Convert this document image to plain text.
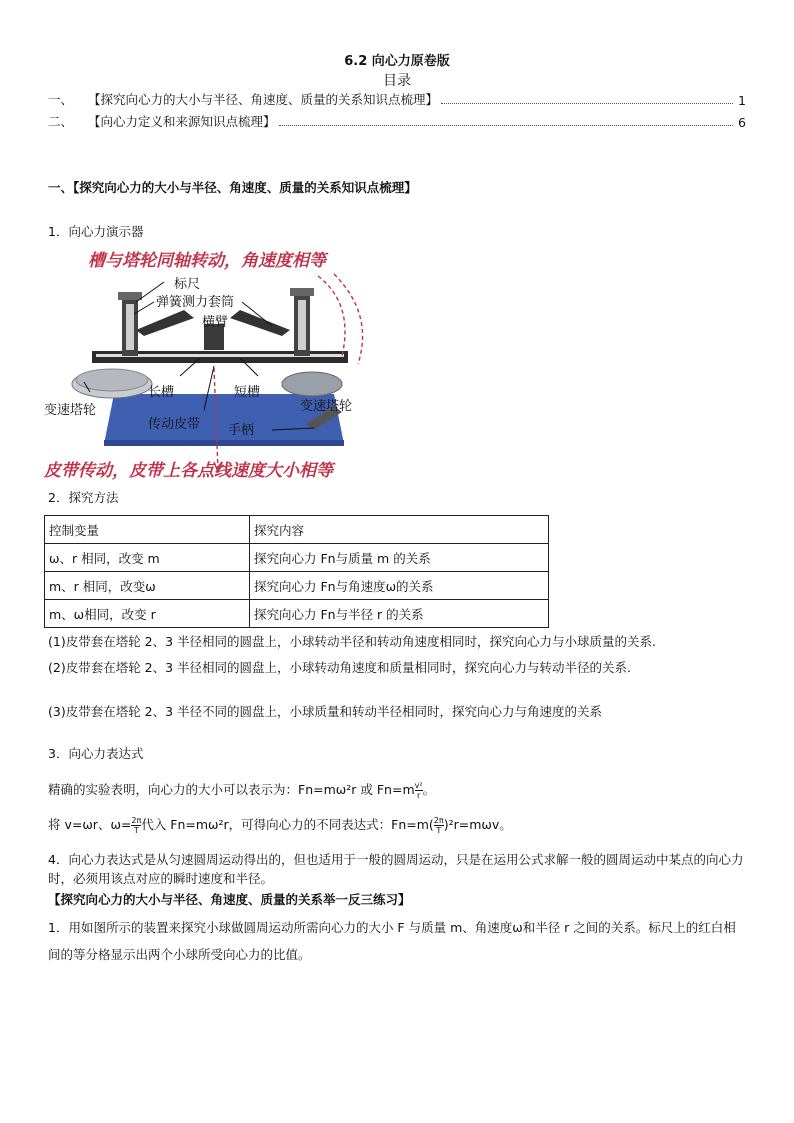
6.2 向心力原卷版
目录
一、	【探究向心力的大小与半径、角速度、质量的关系知识点梳理】	1
二、	【向心力定义和来源知识点梳理】	6
一、【探究向心力的大小与半径、角速度、质量的关系知识点梳理】
1．向心力演示器
标尺
弹簧测力套筒
横臂
长槽	短槽
变速塔轮	变速塔轮
传动皮带 手柄
槽与塔轮同轴转动，角速度相等
皮带传动，皮带上各点线速度大小相等
2．探究方法
控制变量	探究内容
ω、r 相同，改变 m	探究向心力 Fn与质量 m 的关系
m、r 相同，改变ω	探究向心力 Fn与角速度ω的关系
m、ω相同，改变 r	探究向心力 Fn与半径 r 的关系
(1)皮带套在塔轮 2、3 半径相同的圆盘上，小球转动半径和转动角速度相同时，探究向心力与小球质量的关系.
(2)皮带套在塔轮 2、3 半径相同的圆盘上，小球转动角速度和质量相同时，探究向心力与转动半径的关系.
(3)皮带套在塔轮 2、3 半径不同的圆盘上，小球质量和转动半径相同时，探究向心力与角速度的关系
3．向心力表达式
精确的实验表明，向心力的大小可以表示为：Fn=mω²r 或 $Fn=m \frac{\text{v²}}{r}$ 。
将 v=ωr、$\omega= \frac{2\pi}{T}$ 代入 Fn=mω²r，可得向心力的不同表达式：$Fn=m( \frac{2\pi}{T} )^2r=m\omega v$。
4．向心力表达式是从匀速圆周运动得出的，但也适用于一般的圆周运动，只是在运用公式求解一般的圆周运动中某点的向心力时，必须用该点对应的瞬时速度和半径。
【探究向心力的大小与半径、角速度、质量的关系举一反三练习】
1．用如图所示的装置来探究小球做圆周运动所需向心力的大小 F 与质量 m、角速度ω和半径 r 之间的关系。标尺上的红白相间的等分格显示出两个小球所受向心力的比值。
